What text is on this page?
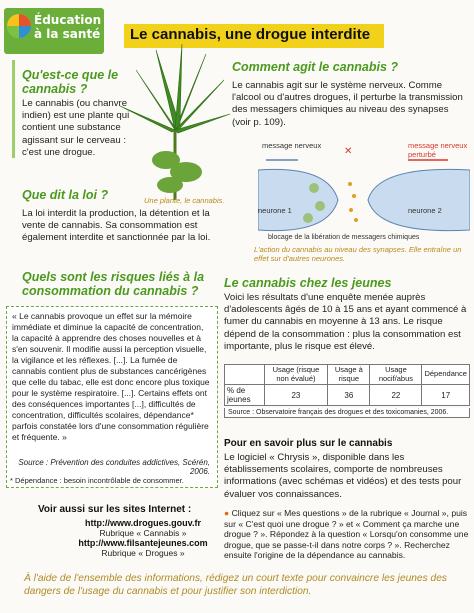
Éducation
à la santé Le cannabis, une drogue interdite
Une plante, le cannabis.
Qu'est-ce que le cannabis ?
Le cannabis (ou chanvre indien) est une plante qui contient une substance agissant sur le cerveau : c'est une drogue.
Que dit la loi ?
La loi interdit la production, la détention et la vente de cannabis. Sa consommation est également interdite et sanctionnée par la loi.
Quels sont les risques liés à la consommation du cannabis ?
« Le cannabis provoque un effet sur la mémoire immédiate et diminue la capacité de concentration, la capacité à apprendre des choses nouvelles et à s'en souvenir. Il modifie aussi la perception visuelle, la vigilance et les réflexes. [...]. La fumée de cannabis contient plus de substances cancérigènes que celle du tabac, elle est donc encore plus toxique pour le système respiratoire. [...]. Certains effets ont des conséquences importantes [...], difficultés de concentration, difficultés scolaires, dépendance* parfois constatée lors d'une consommation régulière et fréquente. »
Source : Prévention des conduites addictives, Scérén, 2006.
* Dépendance : besoin incontrôlable de consommer.
Voir aussi sur les sites Internet :
http://www.drogues.gouv.fr
Rubrique « Cannabis »
http://www.filsantejeunes.com
Rubrique « Drogues »
Comment agit le cannabis ?
Le cannabis agit sur le système nerveux. Comme l'alcool ou d'autres drogues, il perturbe la transmission des messagers chimiques au niveau des synapses (voir p. 109).
✕
message nerveux	message nerveux perturbé
neurone 1	neurone 2
blocage de la libération de messagers chimiques
L'action du cannabis au niveau des synapses. Elle entraîne un effet sur d'autres neurones.
Le cannabis chez les jeunes
Voici les résultats d'une enquête menée auprès d'adolescents âgés de 10 à 15 ans et ayant commencé à fumer du cannabis en moyenne à 13 ans. Le risque dépend de la consommation : plus la consommation est importante, plus le risque est élevé.
	Usage (risque non évalué)	Usage à risque	Usage nocif/abus	Dépendance
% de jeunes	23	36	22	17
Source : Observatoire français des drogues et des toxicomanies, 2006.
Pour en savoir plus sur le cannabis
Le logiciel « Chrysis », disponible dans les établissements scolaires, comporte de nombreuses informations (avec schémas et vidéos) et des tests pour évaluer vos connaissances.
● Cliquez sur « Mes questions » de la rubrique « Journal », puis sur « C'est quoi une drogue ? » et « Comment ça marche une drogue ? ». Répondez à la question « Lorsqu'on consomme une drogue, que se passe-t-il dans notre corps ? ». Recherchez ensuite l'origine de la dépendance au cannabis.
À l'aide de l'ensemble des informations, rédigez un court texte pour convaincre les jeunes des dangers de l'usage du cannabis et pour justifier son interdiction.
